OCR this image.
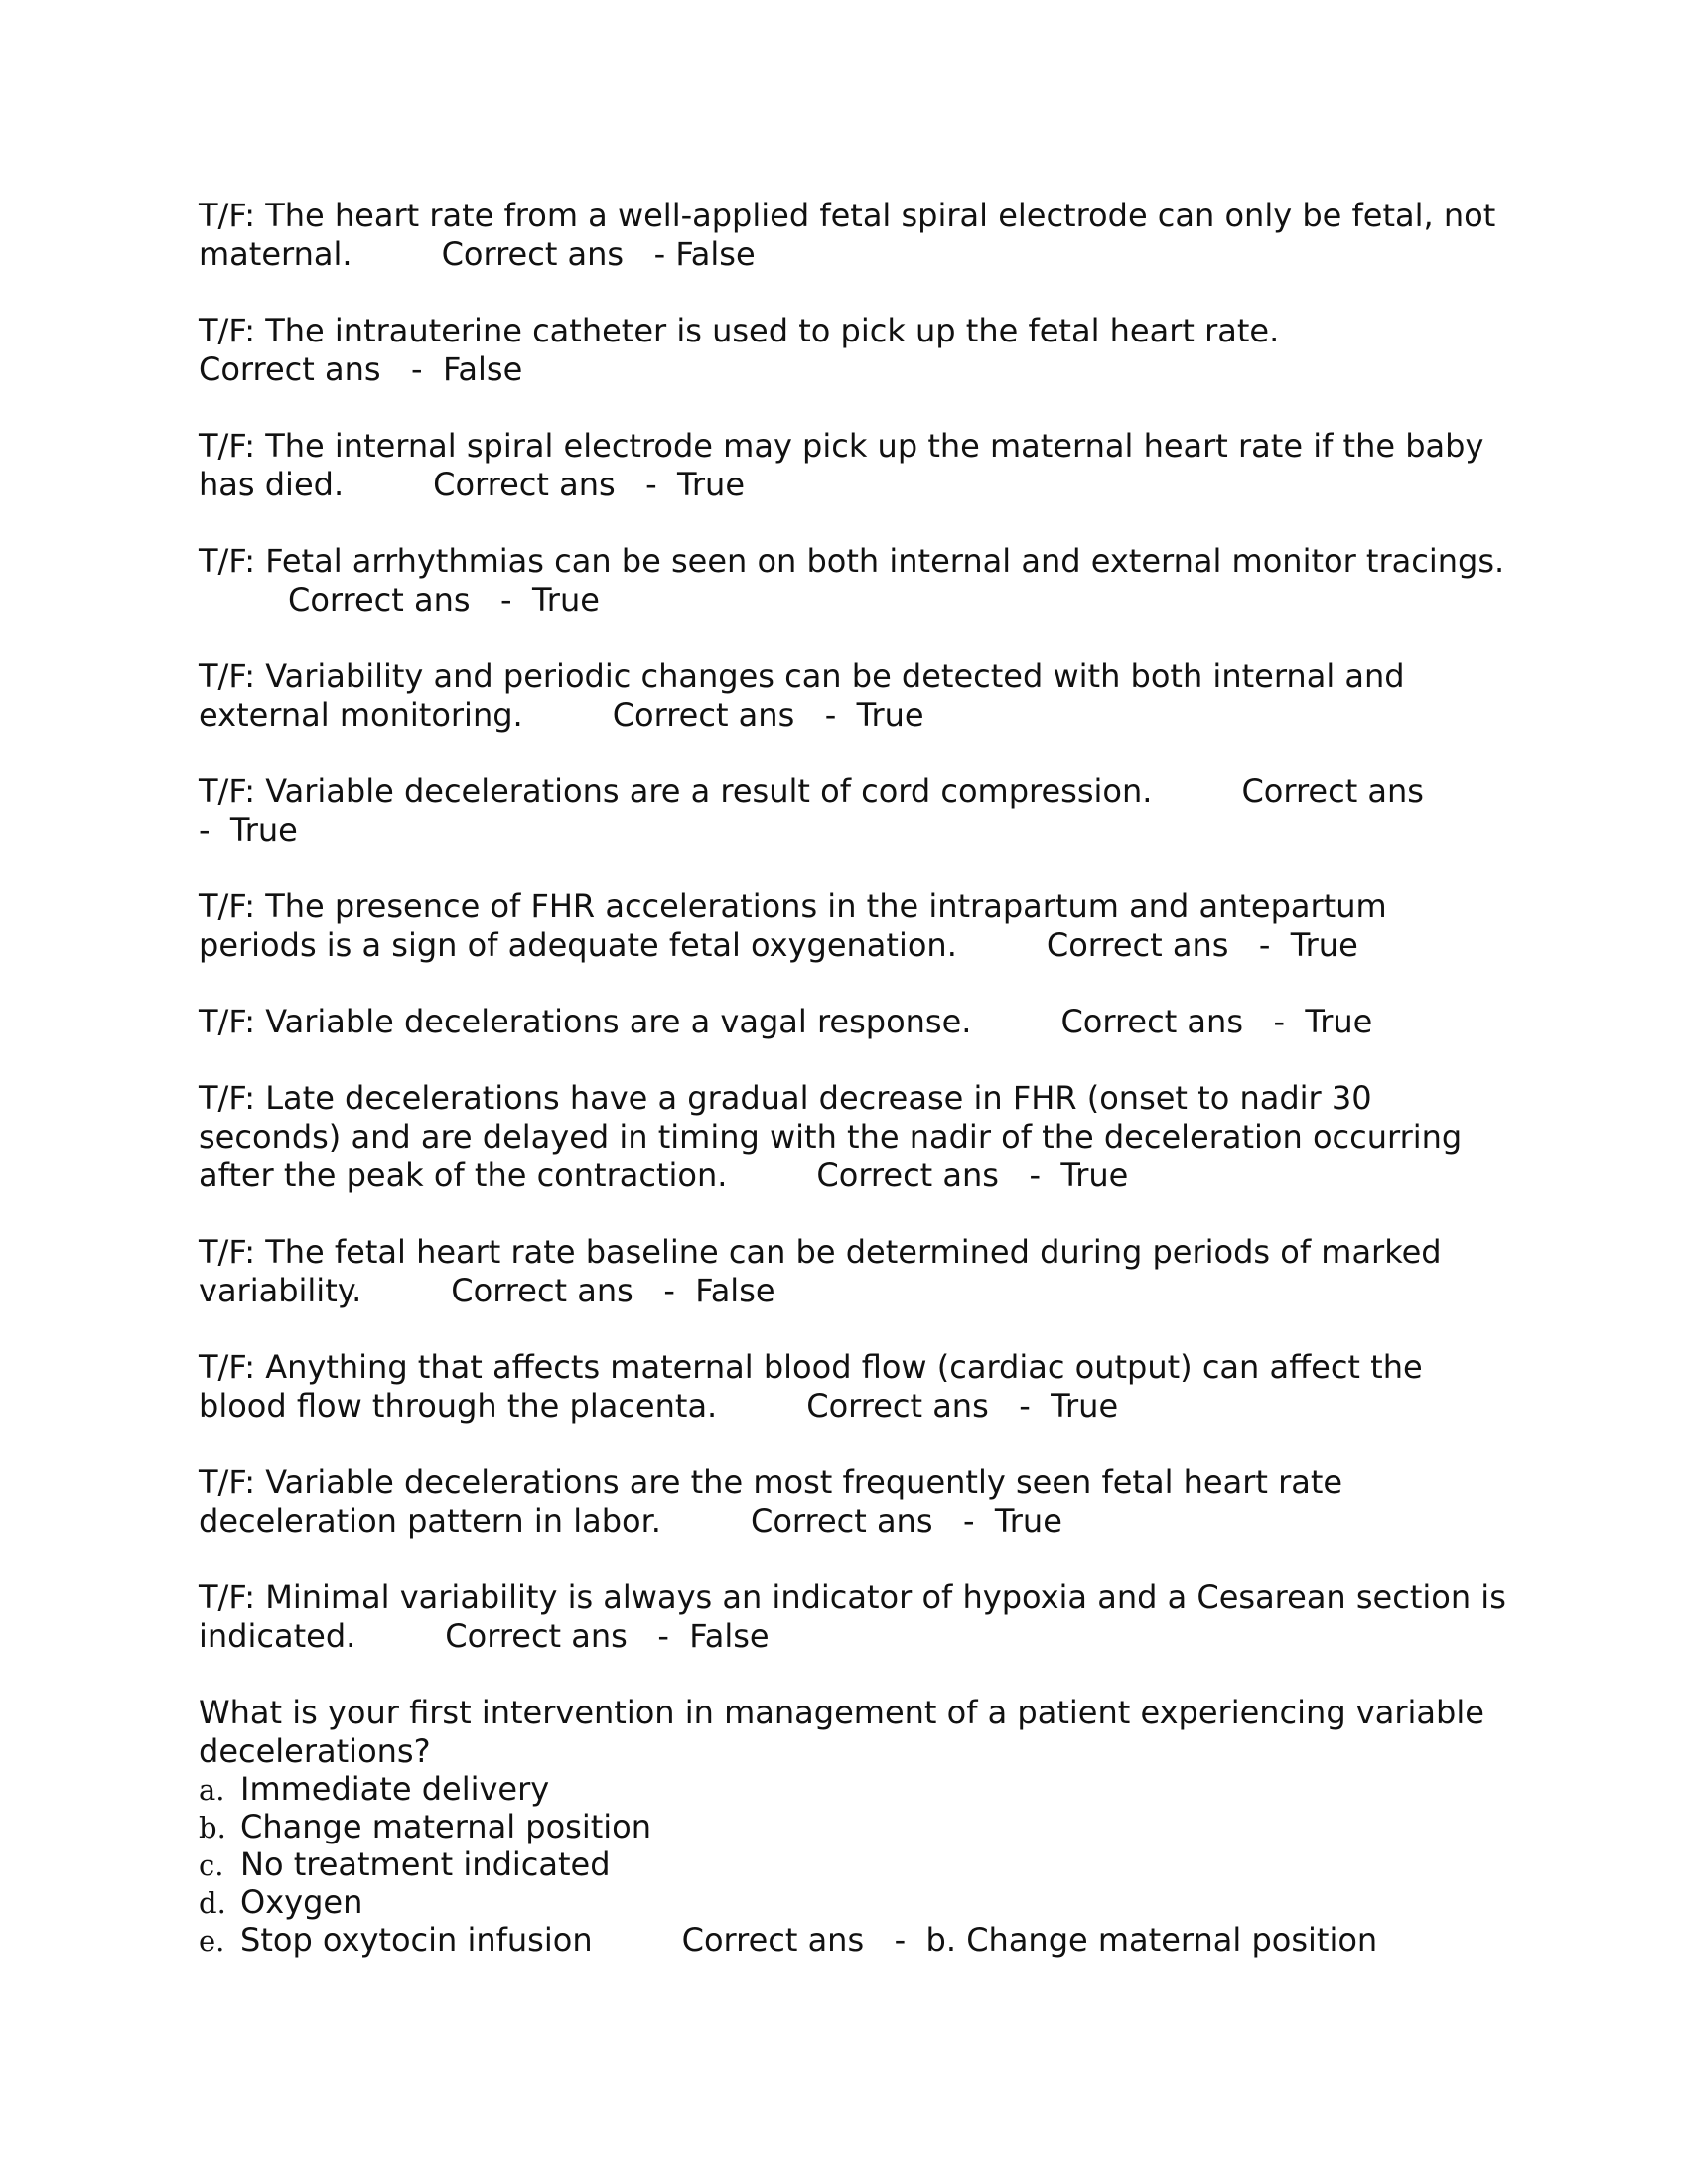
T/F: The heart rate from a well-applied fetal spiral electrode can only be fetal, not maternal.	Correct ans   - False

T/F: The intrauterine catheter is used to pick up the fetal heart rate.
Correct ans   -  False

T/F: The internal spiral electrode may pick up the maternal heart rate if the baby has died.	Correct ans   -  True

T/F: Fetal arrhythmias can be seen on both internal and external monitor tracings.Correct ans   -  True

T/F: Variability and periodic changes can be detected with both internal and external monitoring.	Correct ans   -  True

T/F: Variable decelerations are a result of cord compression.	Correct ans
-  True

T/F: The presence of FHR accelerations in the intrapartum and antepartum periods is a sign of adequate fetal oxygenation.	Correct ans   -  True

T/F: Variable decelerations are a vagal response.	Correct ans   -  True

T/F: Late decelerations have a gradual decrease in FHR (onset to nadir 30 seconds) and are delayed in timing with the nadir of the deceleration occurring after the peak of the contraction.	Correct ans   -  True

T/F: The fetal heart rate baseline can be determined during periods of marked variability.	Correct ans   -  False

T/F: Anything that affects maternal blood flow (cardiac output) can affect the blood flow through the placenta.	Correct ans   -  True

T/F: Variable decelerations are the most frequently seen fetal heart rate deceleration pattern in labor.	Correct ans   -  True

T/F: Minimal variability is always an indicator of hypoxia and a Cesarean section is indicated.	Correct ans   -  False

What is your first intervention in management of a patient experiencing variable decelerations?
a. Immediate delivery
b. Change maternal position
c. No treatment indicated
d. Oxygen
e. Stop oxytocin infusion	Correct ans   -  b. Change maternal position
